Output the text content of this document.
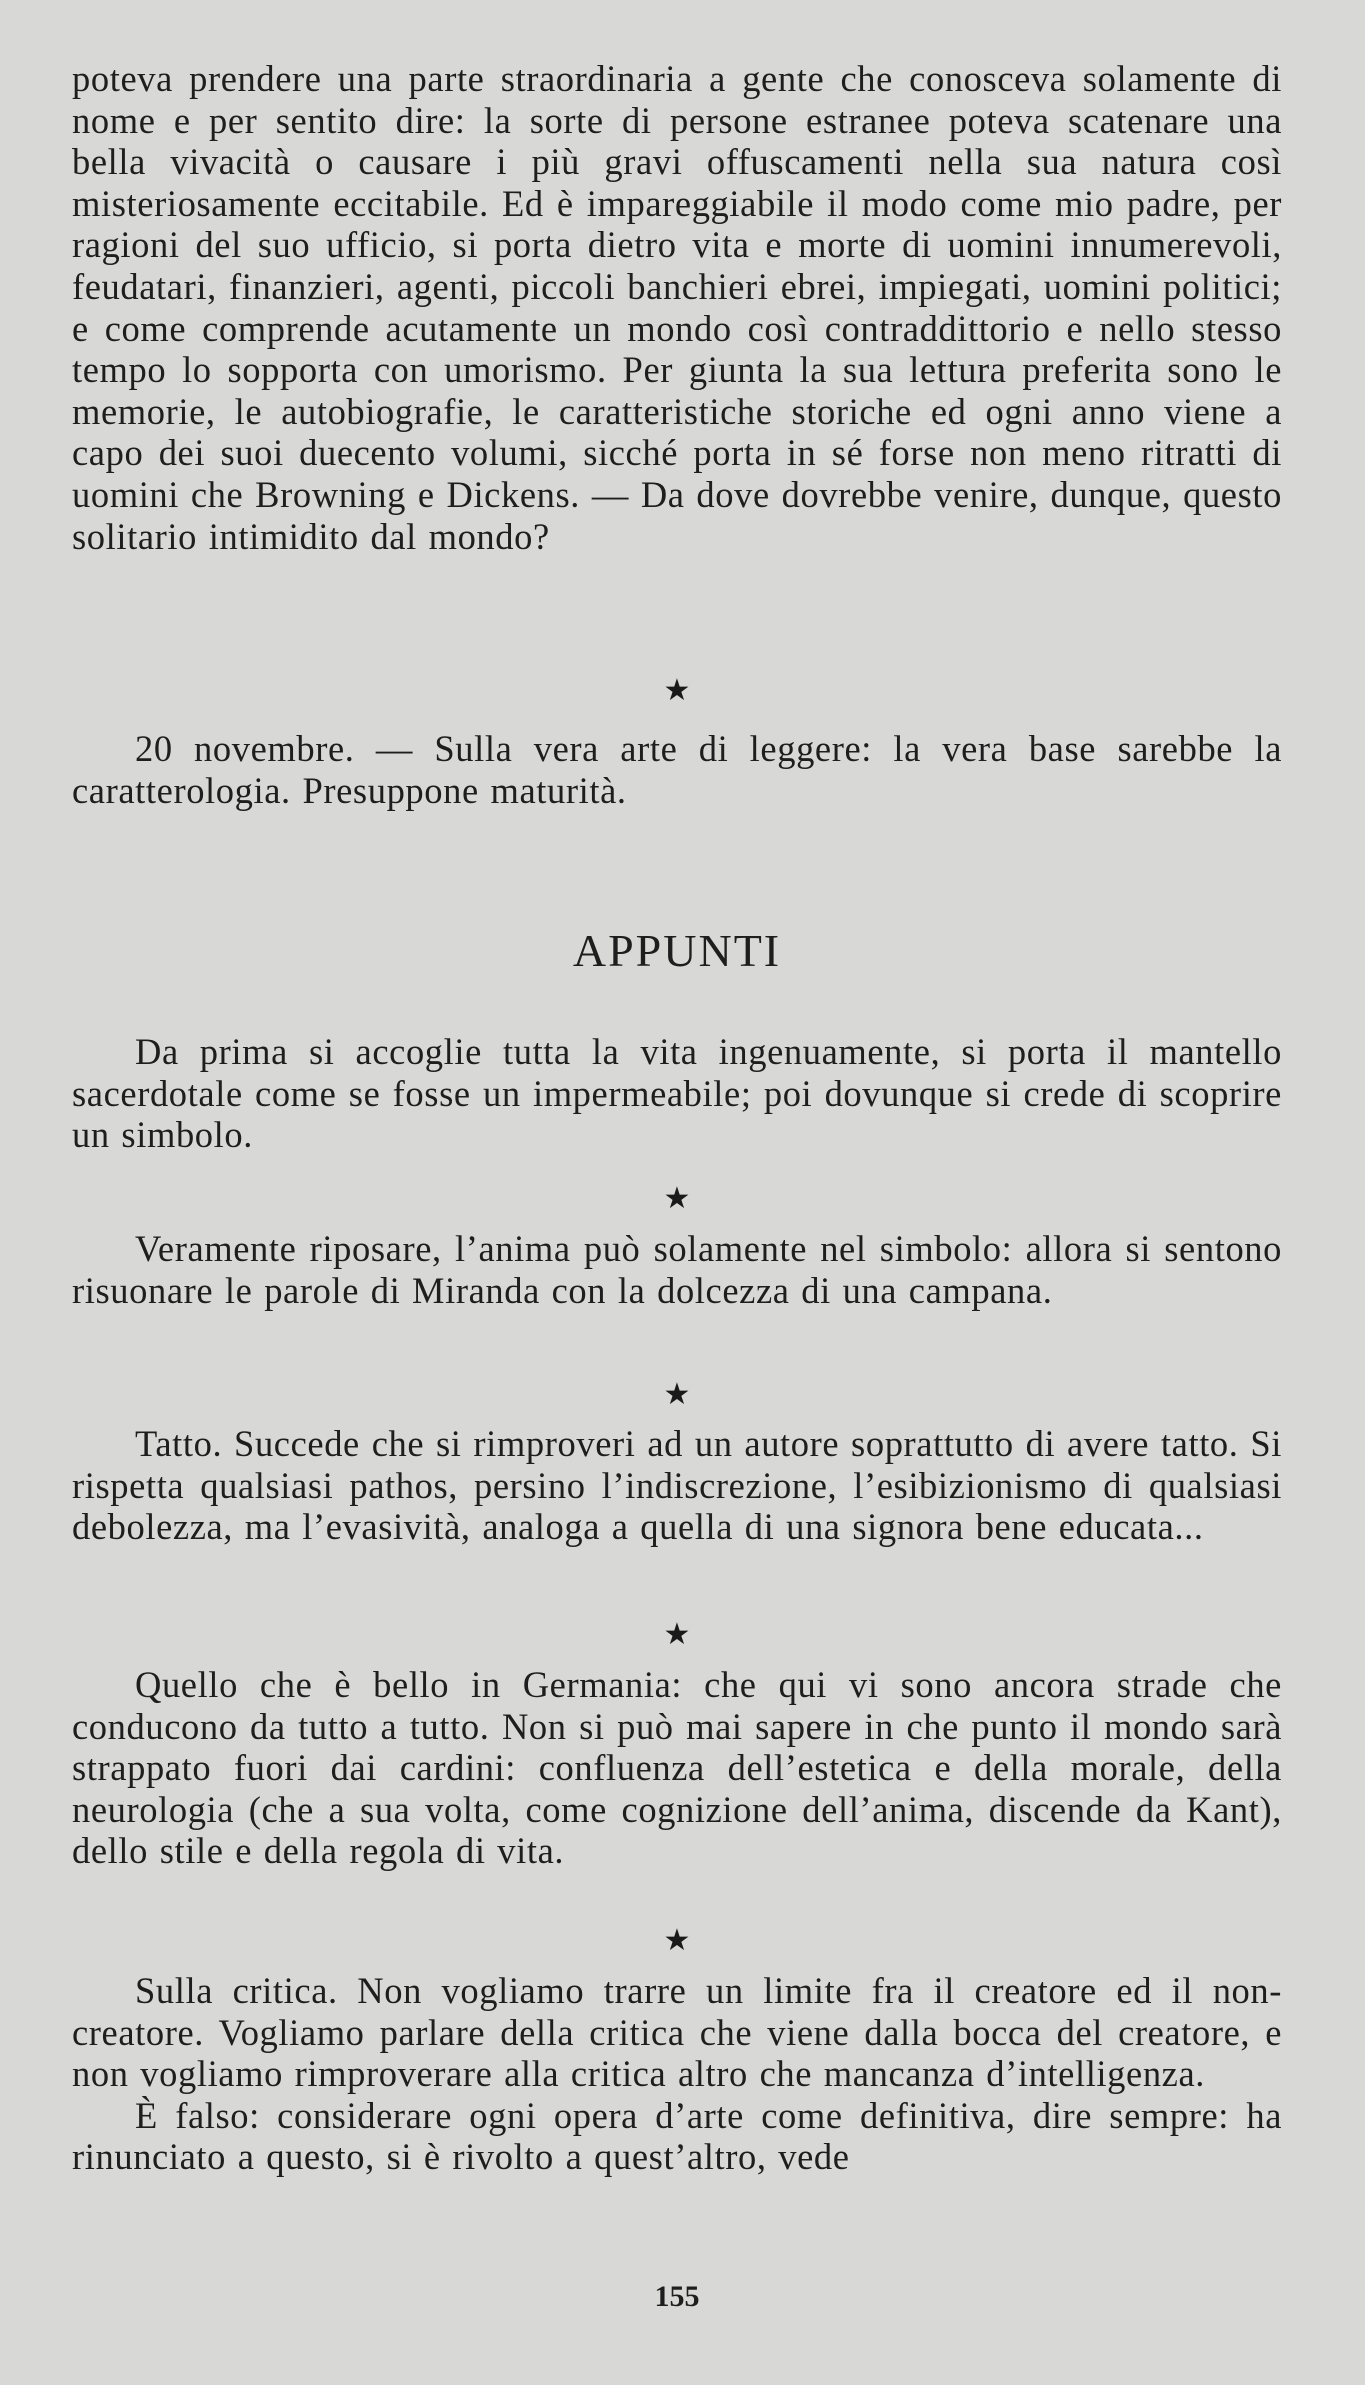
poteva prendere una parte straordinaria a gente che conosceva solamente di nome e per sentito dire: la sorte di persone estranee poteva scatenare una bella vivacità o causare i più gravi offuscamenti nella sua natura così misteriosamente eccitabile. Ed è impareggiabile il modo come mio padre, per ragioni del suo ufficio, si porta dietro vita e morte di uomini innumerevoli, feudatari, finanzieri, agenti, piccoli banchieri ebrei, impiegati, uomini politici; e come comprende acutamente un mondo così contraddittorio e nello stesso tempo lo sopporta con umorismo. Per giunta la sua lettura preferita sono le memorie, le autobiografie, le caratteristiche storiche ed ogni anno viene a capo dei suoi duecento volumi, sicché porta in sé forse non meno ritratti di uomini che Browning e Dickens. — Da dove dovrebbe venire, dunque, questo solitario intimidito dal mondo?

★

20 novembre. — Sulla vera arte di leggere: la vera base sarebbe la caratterologia. Presuppone maturità.

APPUNTI

Da prima si accoglie tutta la vita ingenuamente, si porta il mantello sacerdotale come se fosse un impermeabile; poi dovunque si crede di scoprire un simbolo.

★

Veramente riposare, l’anima può solamente nel simbolo: allora si sentono risuonare le parole di Miranda con la dolcezza di una campana.

★

Tatto. Succede che si rimproveri ad un autore soprattutto di avere tatto. Si rispetta qualsiasi pathos, persino l’indiscrezione, l’esibizionismo di qualsiasi debolezza, ma l’evasività, analoga a quella di una signora bene educata...

★

Quello che è bello in Germania: che qui vi sono ancora strade che conducono da tutto a tutto. Non si può mai sapere in che punto il mondo sarà strappato fuori dai cardini: confluenza dell’estetica e della morale, della neurologia (che a sua volta, come cognizione dell’anima, discende da Kant), dello stile e della regola di vita.

★

Sulla critica. Non vogliamo trarre un limite fra il creatore ed il non-creatore. Vogliamo parlare della critica che viene dalla bocca del creatore, e non vogliamo rimproverare alla critica altro che mancanza d’intelligenza.

È falso: considerare ogni opera d’arte come definitiva, dire sempre: ha rinunciato a questo, si è rivolto a quest’altro, vede

155
